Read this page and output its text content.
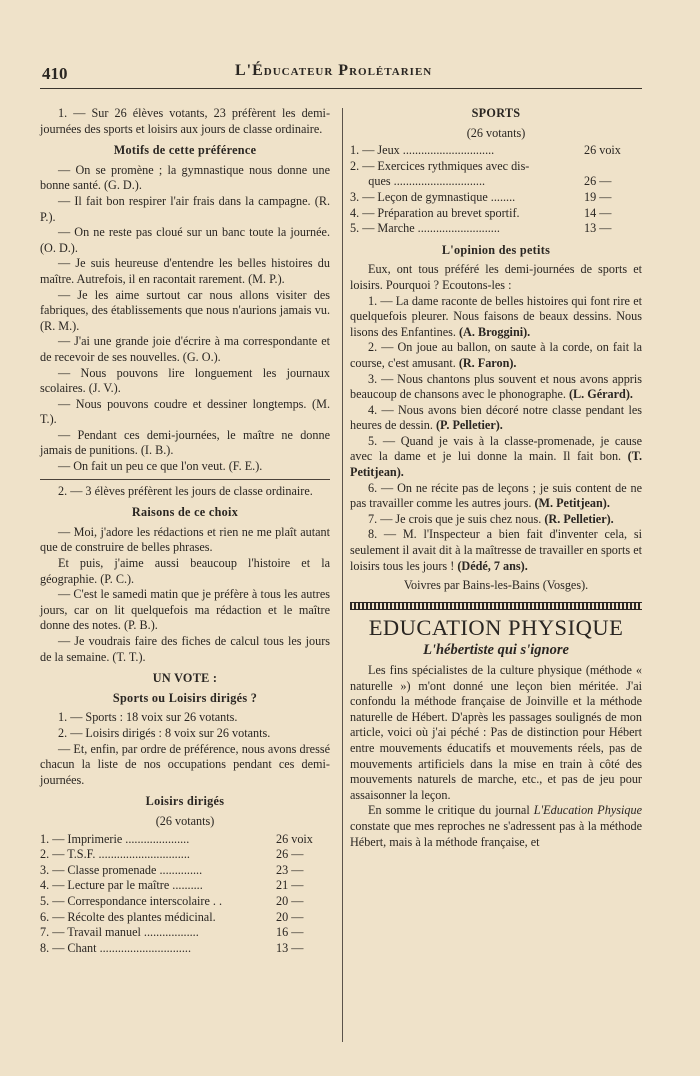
410	L'Éducateur Prolétarien

1. — Sur 26 élèves votants, 23 préfèrent les demi-journées des sports et loisirs aux jours de classe ordinaire.

Motifs de cette préférence

— On se promène ; la gymnastique nous donne une bonne santé. (G. D.).

— Il fait bon respirer l'air frais dans la campagne. (R. P.).

— On ne reste pas cloué sur un banc toute la journée. (O. D.).

— Je suis heureuse d'entendre les belles histoires du maître. Autrefois, il en racontait rarement. (M. P.).

— Je les aime surtout car nous allons visiter des fabriques, des établissements que nous n'aurions jamais vu. (R. M.).

— J'ai une grande joie d'écrire à ma correspondante et de recevoir de ses nouvelles. (G. O.).

— Nous pouvons lire longuement les journaux scolaires. (J. V.).

— Nous pouvons coudre et dessiner longtemps. (M. T.).

— Pendant ces demi-journées, le maître ne donne jamais de punitions. (I. B.).

— On fait un peu ce que l'on veut. (F. E.).

2. — 3 élèves préfèrent les jours de classe ordinaire.

Raisons de ce choix

— Moi, j'adore les rédactions et rien ne me plaît autant que de construire de belles phrases.

Et puis, j'aime aussi beaucoup l'histoire et la géographie. (P. C.).

— C'est le samedi matin que je préfère à tous les autres jours, car on lit quelquefois ma rédaction et le maître donne des notes. (P. B.).

— Je voudrais faire des fiches de calcul tous les jours de la semaine. (T. T.).

UN VOTE :
Sports ou Loisirs dirigés ?

1. — Sports : 18 voix sur 26 votants.

2. — Loisirs dirigés : 8 voix sur 26 votants.

— Et, enfin, par ordre de préférence, nous avons dressé chacun la liste de nos occupations pendant ces demi-journées.

Loisirs dirigés
(26 votants)
1. — Imprimerie .....................	26 voix
2. — T.S.F. ..............................	26 —
3. — Classe promenade ..............	23 —
4. — Lecture par le maître ..........	21 —
5. — Correspondance interscolaire . .	20 —
6. — Récolte des plantes médicinal.	20 —
7. — Travail manuel ..................	16 —
8. — Chant ..............................	13 —
SPORTS
(26 votants)
1. — Jeux ..............................	26 voix
2. — Exercices rythmiques avec dis-
ques ..............................	26 —
3. — Leçon de gymnastique ........	19 —
4. — Préparation au brevet sportif.	14 —
5. — Marche ...........................	13 —
L'opinion des petits

Eux, ont tous préféré les demi-journées de sports et loisirs. Pourquoi ? Ecoutons-les :

1. — La dame raconte de belles histoires qui font rire et quelquefois pleurer. Nous faisons de beaux dessins. Nous lisons des Enfantines. (A. Broggini).

2. — On joue au ballon, on saute à la corde, on fait la course, c'est amusant. (R. Faron).

3. — Nous chantons plus souvent et nous avons appris beaucoup de chansons avec le phonographe. (L. Gérard).

4. — Nous avons bien décoré notre classe pendant les heures de dessin. (P. Pelletier).

5. — Quand je vais à la classe-promenade, je cause avec la dame et je lui donne la main. Il fait bon. (T. Petitjean).

6. — On ne récite pas de leçons ; je suis content de ne pas travailler comme les autres jours. (M. Petitjean).

7. — Je crois que je suis chez nous. (R. Pelletier).

8. — M. l'Inspecteur a bien fait d'inventer cela, si seulement il avait dit à la maîtresse de travailler en sports et loisirs tous les jours ! (Dédé, 7 ans).

Voivres par Bains-les-Bains (Vosges).
EDUCATION PHYSIQUE
L'hébertiste qui s'ignore

Les fins spécialistes de la culture physique (méthode « naturelle ») m'ont donné une leçon bien méritée. J'ai confondu la méthode française de Joinville et la méthode naturelle de Hébert. D'après les passages soulignés de mon article, voici où j'ai péché : Pas de distinction pour Hébert entre mouvements éducatifs et mouvements réels, pas de mouvements artificiels dans la mise en train à côté des mouvements naturels de marche, etc., et pas de jeu pour assaisonner la leçon.

En somme le critique du journal L'Education Physique constate que mes reproches ne s'adressent pas à la méthode Hébert, mais à la méthode française, et
